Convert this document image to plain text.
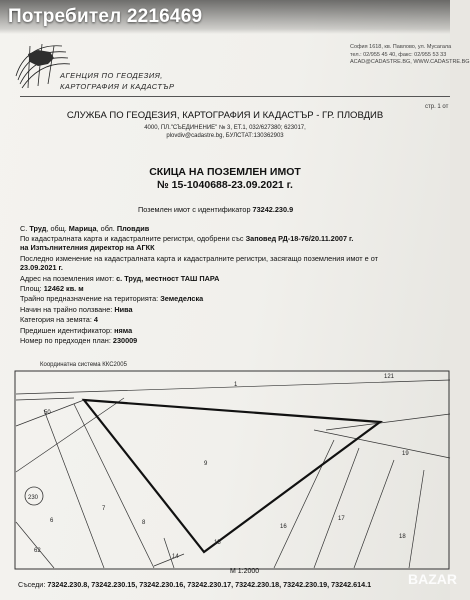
Потребител 2216469
АГЕНЦИЯ ПО ГЕОДЕЗИЯ,
КАРТОГРАФИЯ И КАДАСТЪР
София 1618, кв. Павлово, ул. Мусагала
тел.: 02/955 45 40, факс: 02/955 53 33
ACAD@CADASTRE.BG, WWW.CADASTRE.BG
стр. 1 от
СЛУЖБА ПО ГЕОДЕЗИЯ, КАРТОГРАФИЯ И КАДАСТЪР - ГР. ПЛОВДИВ
4000, ПЛ."СЪЕДИНЕНИЕ" № 3, ЕТ.1, 032/627380; 623017,
plovdiv@cadastre.bg, БУЛСТАТ:130362903
СКИЦА НА ПОЗЕМЛЕН ИМОТ
№ 15-1040688-23.09.2021 г.
Поземлен имот с идентификатор 73242.230.9
С. Труд, общ. Марица, обл. Пловдив
По кадастралната карта и кадастралните регистри, одобрени със Заповед РД-18-76/20.11.2007 г.
на Изпълнителния директор на АГКК
Последно изменение на кадастралната карта и кадастралните регистри, засягащо поземления имот е от
23.09.2021 г.
Адрес на поземления имот: с. Труд, местност ТАШ ПАРА
Площ: 12462 кв. м
Трайно предназначение на територията: Земеделска
Начин на трайно ползване: Нива
Категория на земята: 4
Предишен идентификатор: няма
Номер по предходен план: 230009
Координатна система ККС2005
1
121
50
9
19
230
6
7
8
15
16
17
18
14
62
М 1:2000
Съседи: 73242.230.8, 73242.230.15, 73242.230.16, 73242.230.17, 73242.230.18, 73242.230.19, 73242.614.1	BAZAR
